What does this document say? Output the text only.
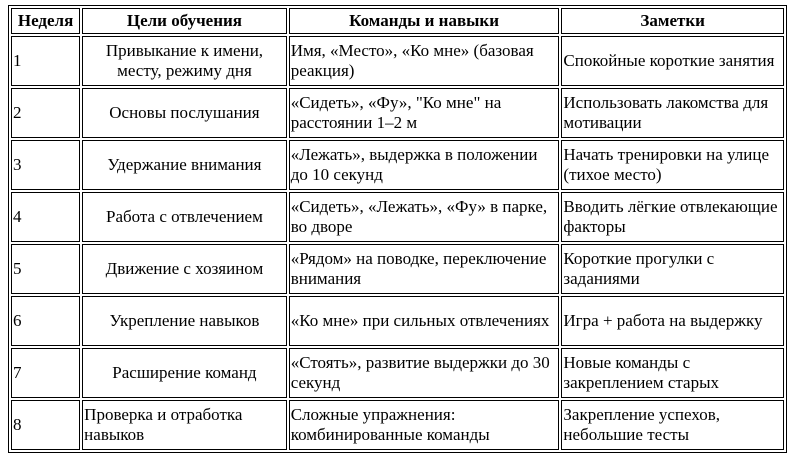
Неделя	Цели обучения	Команды и навыки	Заметки
1	Привыкание к имени, месту, режиму дня	Имя, «Место», «Ко мне» (базовая реакция)	Спокойные короткие занятия
2	Основы послушания	«Сидеть», «Фу», "Ко мне" на расстоянии 1–2 м	Использовать лакомства для мотивации
3	Удержание внимания	«Лежать», выдержка в положении до 10 секунд	Начать тренировки на улице (тихое место)
4	Работа с отвлечением	«Сидеть», «Лежать», «Фу» в парке, во дворе	Вводить лёгкие отвлекающие факторы
5	Движение с хозяином	«Рядом» на поводке, переключение внимания	Короткие прогулки с заданиями
6	Укрепление навыков	«Ко мне» при сильных отвлечениях	Игра + работа на выдержку
7	Расширение команд	«Стоять», развитие выдержки до 30 секунд	Новые команды с закреплением старых
8	Проверка и отработка навыков	Сложные упражнения: комбинированные команды	Закрепление успехов, небольшие тесты
